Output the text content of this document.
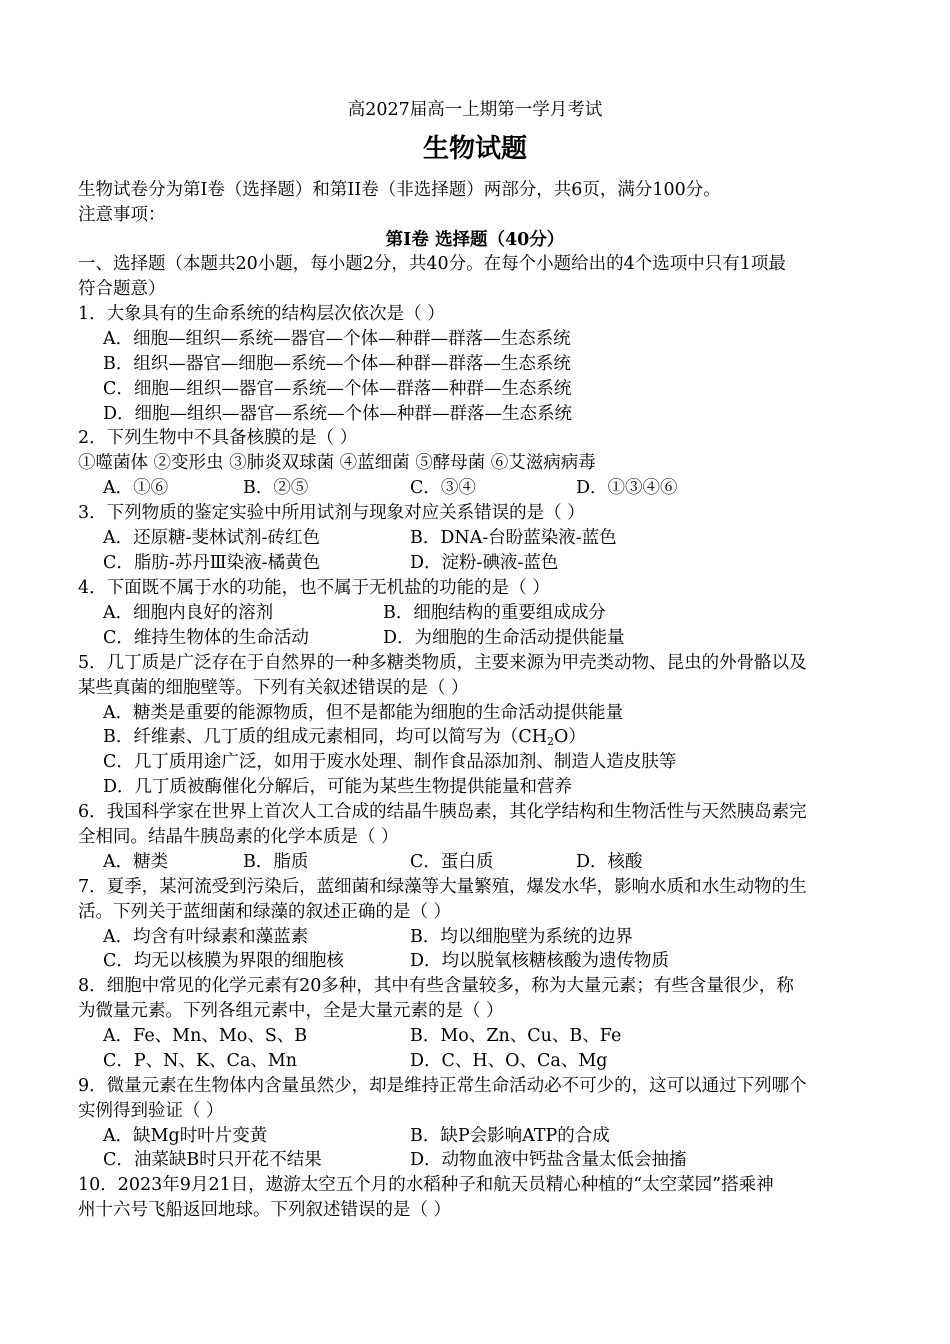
高2027届高一上期第一学月考试
生物试题
生物试卷分为第I卷（选择题）和第II卷（非选择题）两部分，共6页，满分100分。
注意事项：
第I卷 选择题（40分）
一、选择题（本题共20小题，每小题2分，共40分。在每个小题给出的4个选项中只有1项最
符合题意）
1．大象具有的生命系统的结构层次依次是（ ）
A．细胞—组织—系统—器官—个体—种群—群落—生态系统
B．组织—器官—细胞—系统—个体—种群—群落—生态系统
C．细胞—组织—器官—系统—个体—群落—种群—生态系统
D．细胞—组织—器官—系统—个体—种群—群落—生态系统
2．下列生物中不具备核膜的是（ ）
①噬菌体 ②变形虫 ③肺炎双球菌 ④蓝细菌 ⑤酵母菌 ⑥艾滋病病毒
A．①⑥	B．②⑤	C．③④	D．①③④⑥
3．下列物质的鉴定实验中所用试剂与现象对应关系错误的是（ ）
A．还原糖-斐林试剂-砖红色	B．DNA-台盼蓝染液-蓝色
C．脂肪-苏丹Ⅲ染液-橘黄色	D．淀粉-碘液-蓝色
4．下面既不属于水的功能，也不属于无机盐的功能的是（ ）
A．细胞内良好的溶剂	B．细胞结构的重要组成成分
C．维持生物体的生命活动	D．为细胞的生命活动提供能量
5．几丁质是广泛存在于自然界的一种多糖类物质，主要来源为甲壳类动物、昆虫的外骨骼以及
某些真菌的细胞壁等。下列有关叙述错误的是（ ）
A．糖类是重要的能源物质，但不是都能为细胞的生命活动提供能量
B．纤维素、几丁质的组成元素相同，均可以简写为$(CH_2O)$
C．几丁质用途广泛，如用于废水处理、制作食品添加剂、制造人造皮肤等
D．几丁质被酶催化分解后，可能为某些生物提供能量和营养
6．我国科学家在世界上首次人工合成的结晶牛胰岛素，其化学结构和生物活性与天然胰岛素完
全相同。结晶牛胰岛素的化学本质是（ ）
A．糖类	B．脂质	C．蛋白质	D．核酸
7．夏季，某河流受到污染后，蓝细菌和绿藻等大量繁殖，爆发水华，影响水质和水生动物的生
活。下列关于蓝细菌和绿藻的叙述正确的是（ ）
A．均含有叶绿素和藻蓝素	B．均以细胞壁为系统的边界
C．均无以核膜为界限的细胞核	D．均以脱氧核糖核酸为遗传物质
8．细胞中常见的化学元素有20多种，其中有些含量较多，称为大量元素；有些含量很少，称
为微量元素。下列各组元素中，全是大量元素的是（ ）
A．Fe、Mn、Mo、S、B	B．Mo、Zn、Cu、B、Fe
C．P、N、K、Ca、Mn	D．C、H、O、Ca、Mg
9．微量元素在生物体内含量虽然少，却是维持正常生命活动必不可少的，这可以通过下列哪个
实例得到验证（ ）
A．缺Mg时叶片变黄	B．缺P会影响ATP的合成
C．油菜缺B时只开花不结果	D．动物血液中钙盐含量太低会抽搐
10．2023年9月21日，遨游太空五个月的水稻种子和航天员精心种植的“太空菜园”搭乘神
州十六号飞船返回地球。下列叙述错误的是（ ）
